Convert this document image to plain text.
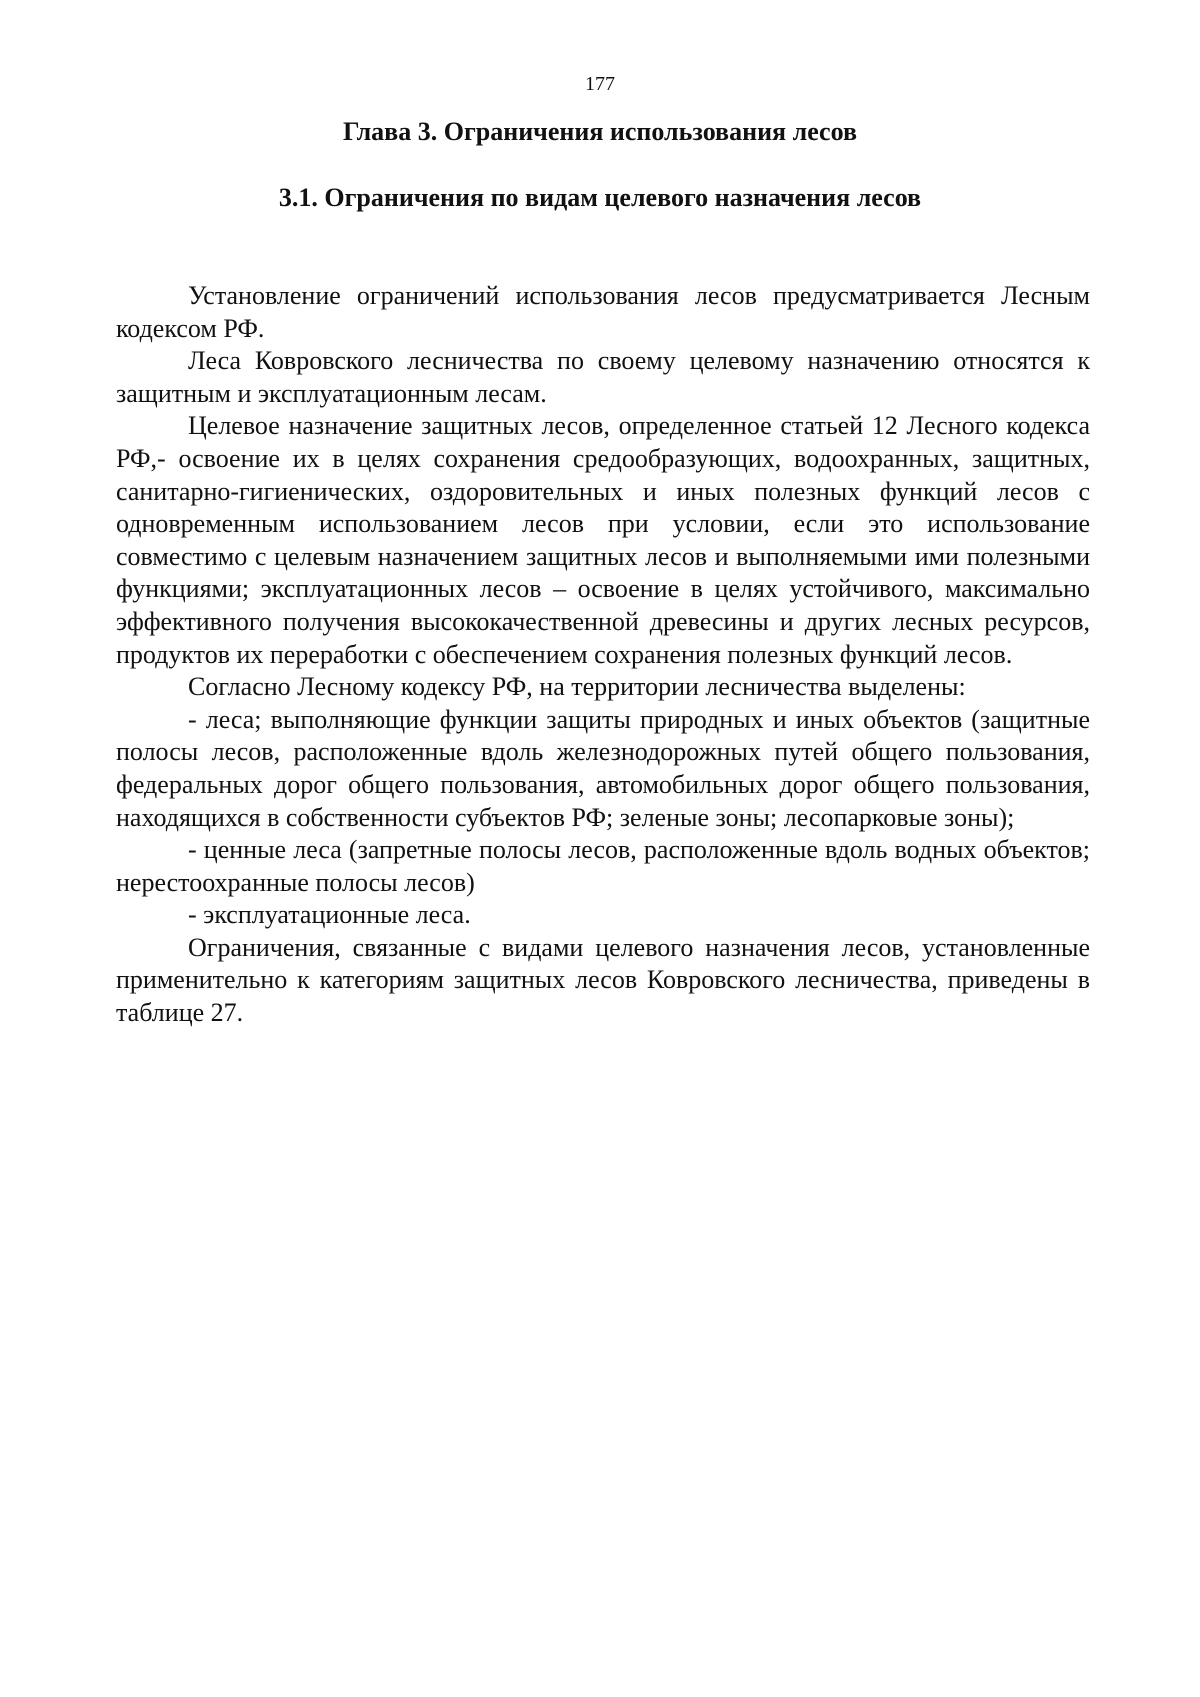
177
Глава 3. Ограничения использования лесов
3.1. Ограничения по видам целевого назначения лесов

Установление ограничений использования лесов предусматривается Лесным кодексом РФ.

Леса Ковровского лесничества по своему целевому назначению относятся к защитным и эксплуатационным лесам.

Целевое назначение защитных лесов, определенное статьей 12 Лесного кодекса РФ,- освоение их в целях сохранения средообразующих, водоохранных, защитных, санитарно-гигиенических, оздоровительных и иных полезных функций лесов с одновременным использованием лесов при условии, если это использование совместимо с целевым назначением защитных лесов и выполняемыми ими полезными функциями; эксплуатационных лесов – освоение в целях устойчивого, максимально эффективного получения высококачественной древесины и других лесных ресурсов, продуктов их переработки с обеспечением сохранения полезных функций лесов.

Согласно Лесному кодексу РФ, на территории лесничества выделены:

- леса; выполняющие функции защиты природных и иных объектов (защитные полосы лесов, расположенные вдоль железнодорожных путей общего пользования, федеральных дорог общего пользования, автомобильных дорог общего пользования, находящихся в собственности субъектов РФ; зеленые зоны; лесопарковые зоны);

- ценные леса (запретные полосы лесов, расположенные вдоль водных объектов; нерестоохранные полосы лесов)

- эксплуатационные леса.

Ограничения, связанные с видами целевого назначения лесов, установленные применительно к категориям защитных лесов Ковровского лесничества, приведены в таблице 27.
